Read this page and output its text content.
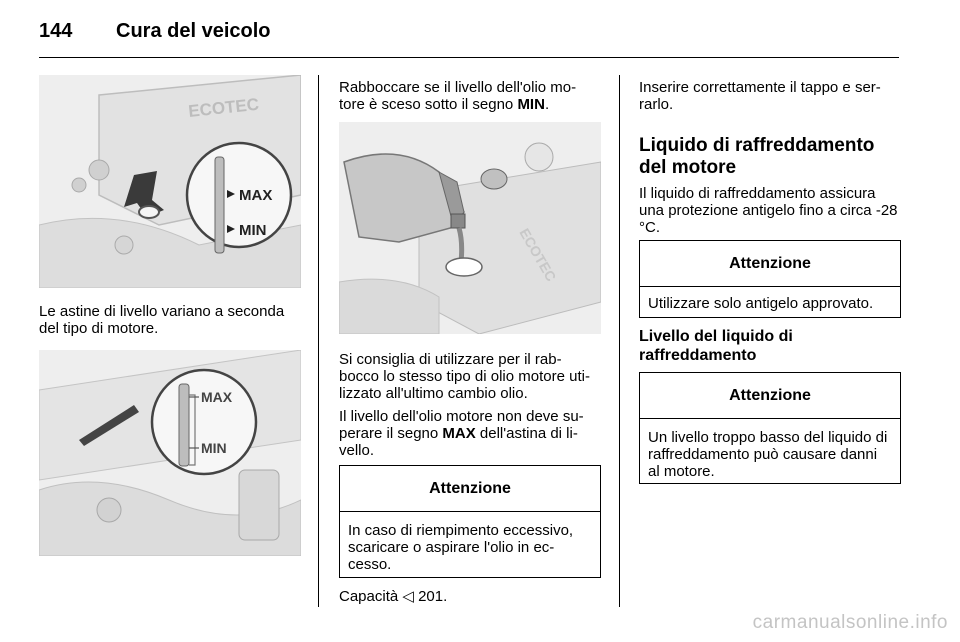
144 Cura del veicolo
ECOTEC
MAX
MIN
Le astine di livello variano a seconda del tipo di motore.
MAX
MIN
Rabboccare se il livello dell'olio mo-tore è sceso sotto il segno MIN.
ECOTEC
Si consiglia di utilizzare per il rab-bocco lo stesso tipo di olio motore uti-lizzato all'ultimo cambio olio.
Il livello dell'olio motore non deve su-perare il segno MAX dell'astina di li-vello.
Attenzione
In caso di riempimento eccessivo, scaricare o aspirare l'olio in ec-cesso.
Capacità ◁ 201.
Inserire correttamente il tappo e ser-rarlo.
Liquido di raffreddamento del motore
Il liquido di raffreddamento assicura una protezione antigelo fino a circa -28 °C.
Attenzione
Utilizzare solo antigelo approvato.
Livello del liquido di raffreddamento
Attenzione
Un livello troppo basso del liquido di raffreddamento può causare danni al motore.
carmanualsonline.info
